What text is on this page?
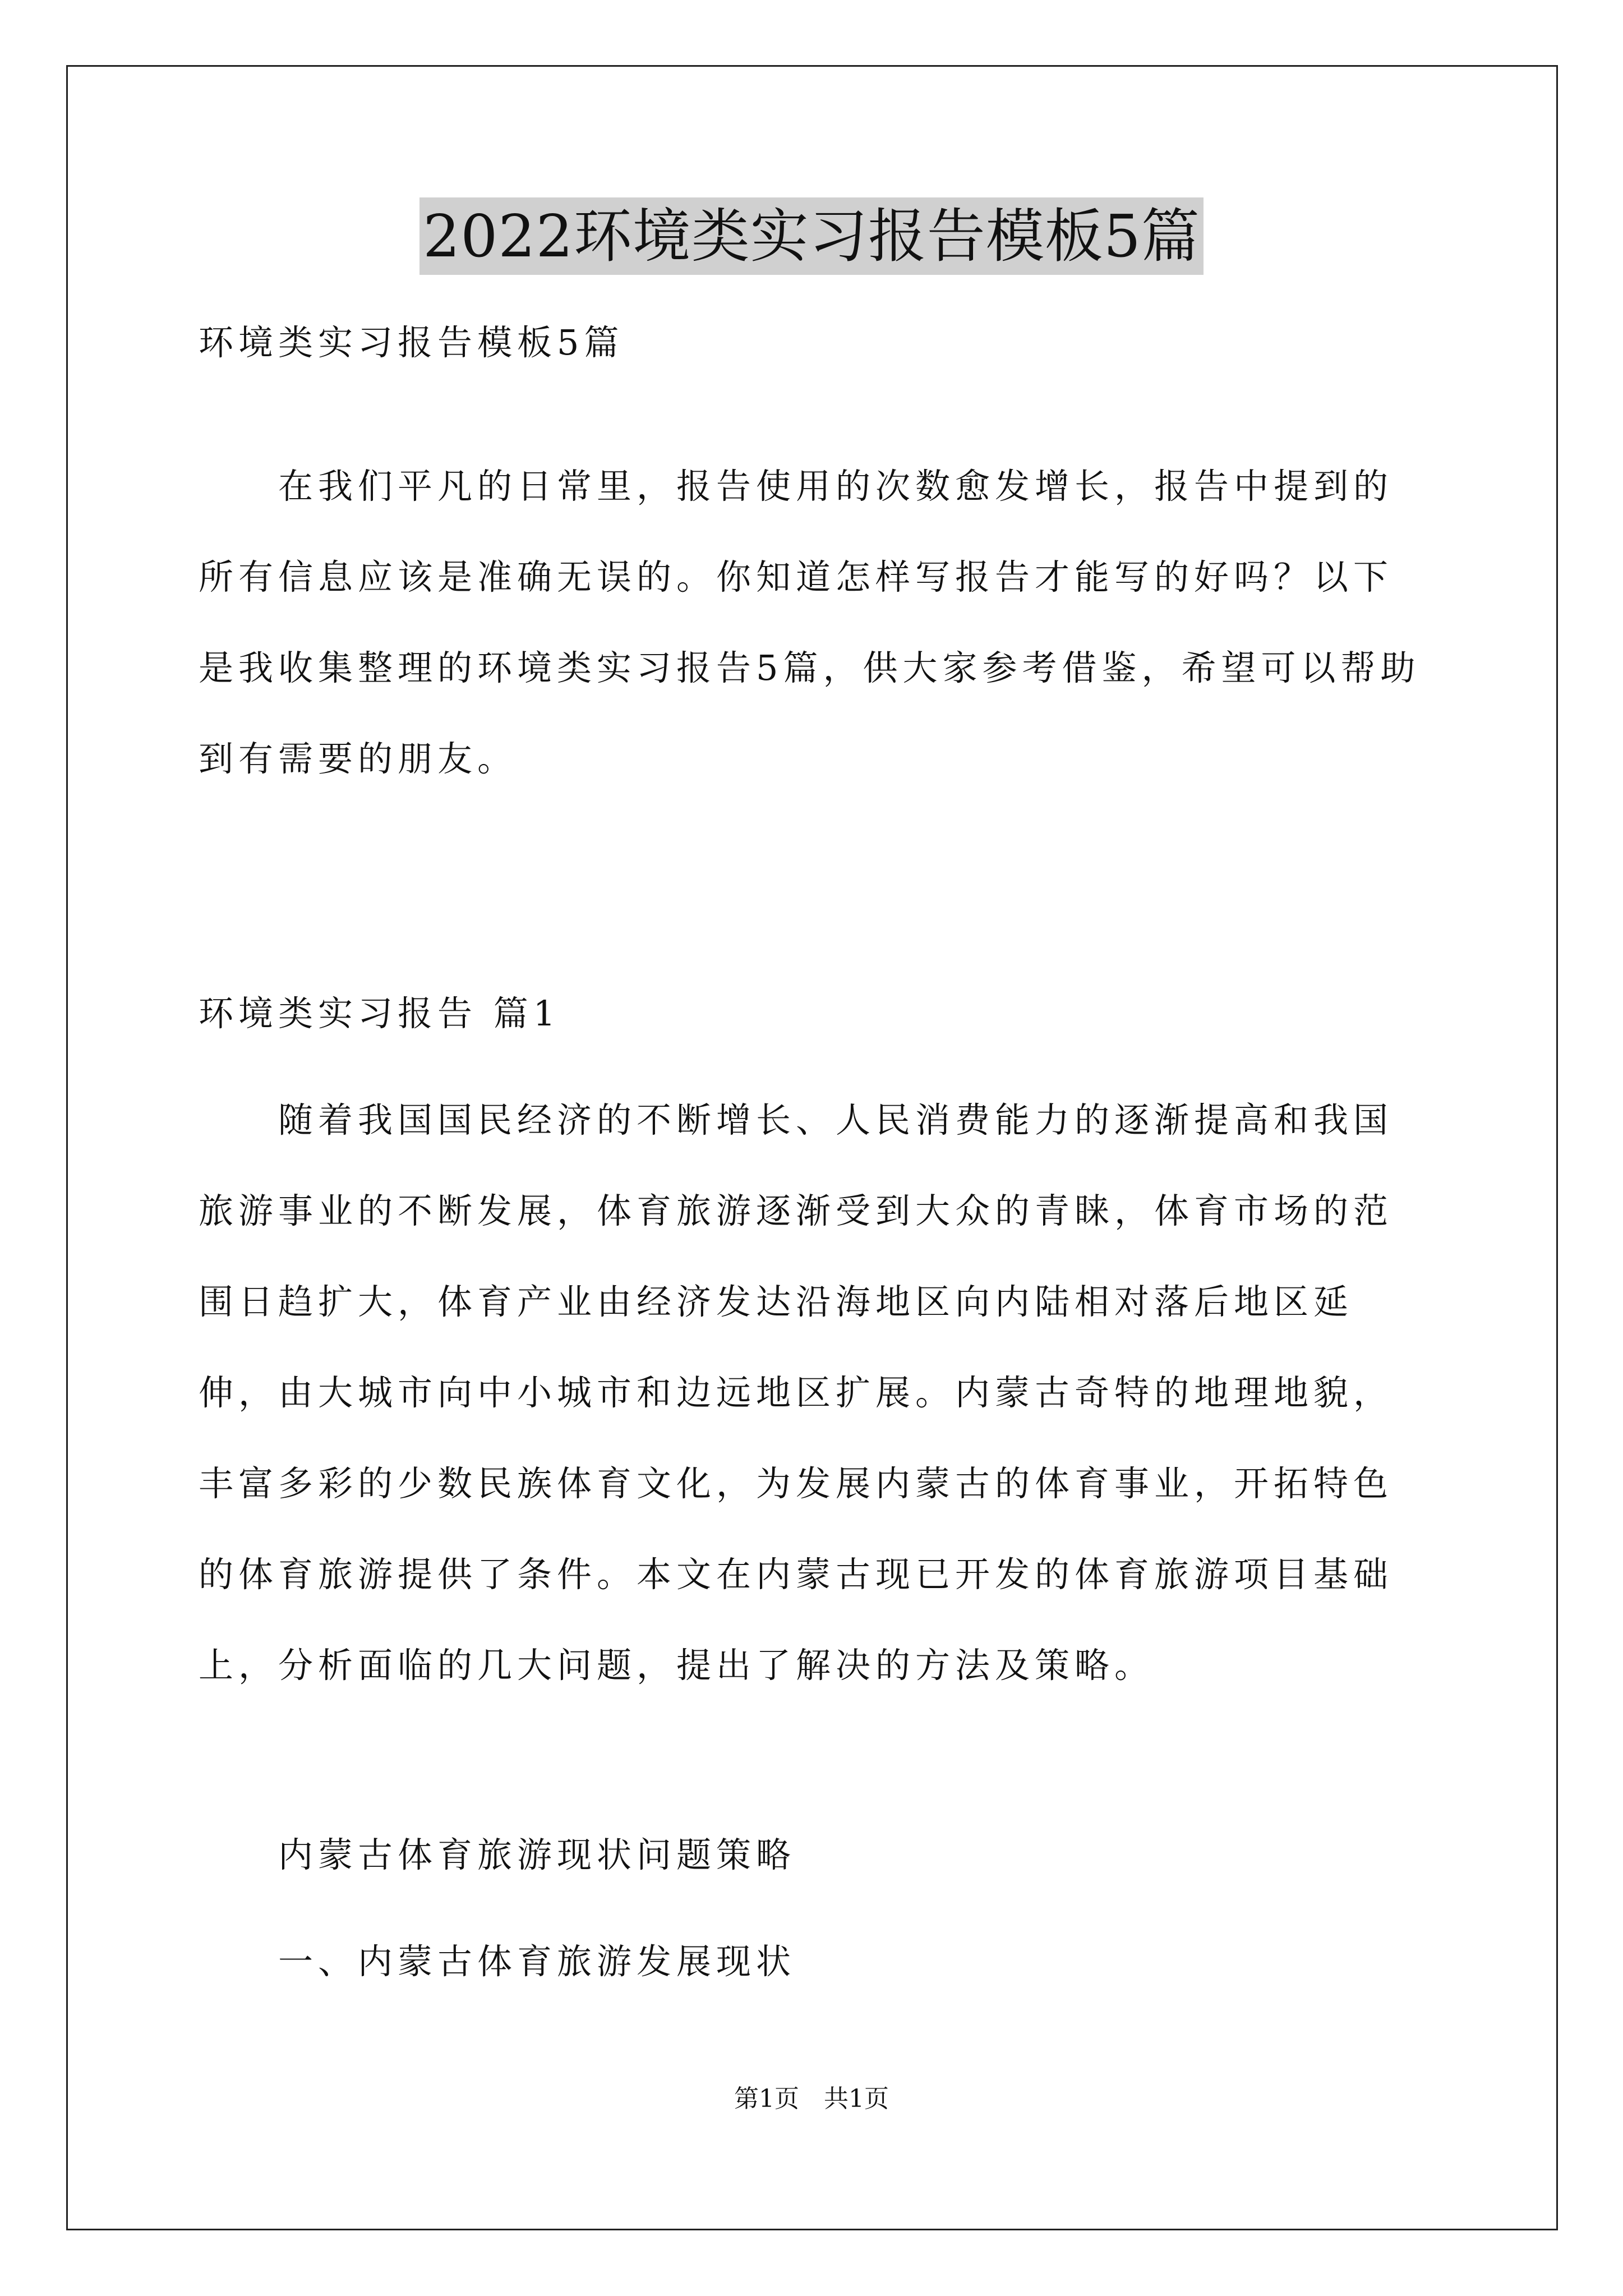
2022环境类实习报告模板5篇

环境类实习报告模板5篇

在我们平凡的日常里，报告使用的次数愈发增长，报告中提到的所有信息应该是准确无误的。你知道怎样写报告才能写的好吗？以下是我收集整理的环境类实习报告5篇，供大家参考借鉴，希望可以帮助到有需要的朋友。

环境类实习报告 篇1

随着我国国民经济的不断增长、人民消费能力的逐渐提高和我国旅游事业的不断发展，体育旅游逐渐受到大众的青睐，体育市场的范围日趋扩大，体育产业由经济发达沿海地区向内陆相对落后地区延伸，由大城市向中小城市和边远地区扩展。内蒙古奇特的地理地貌，丰富多彩的少数民族体育文化，为发展内蒙古的体育事业，开拓特色的体育旅游提供了条件。本文在内蒙古现已开发的体育旅游项目基础上，分析面临的几大问题，提出了解决的方法及策略。

内蒙古体育旅游现状问题策略

一、内蒙古体育旅游发展现状

第1页　共1页
